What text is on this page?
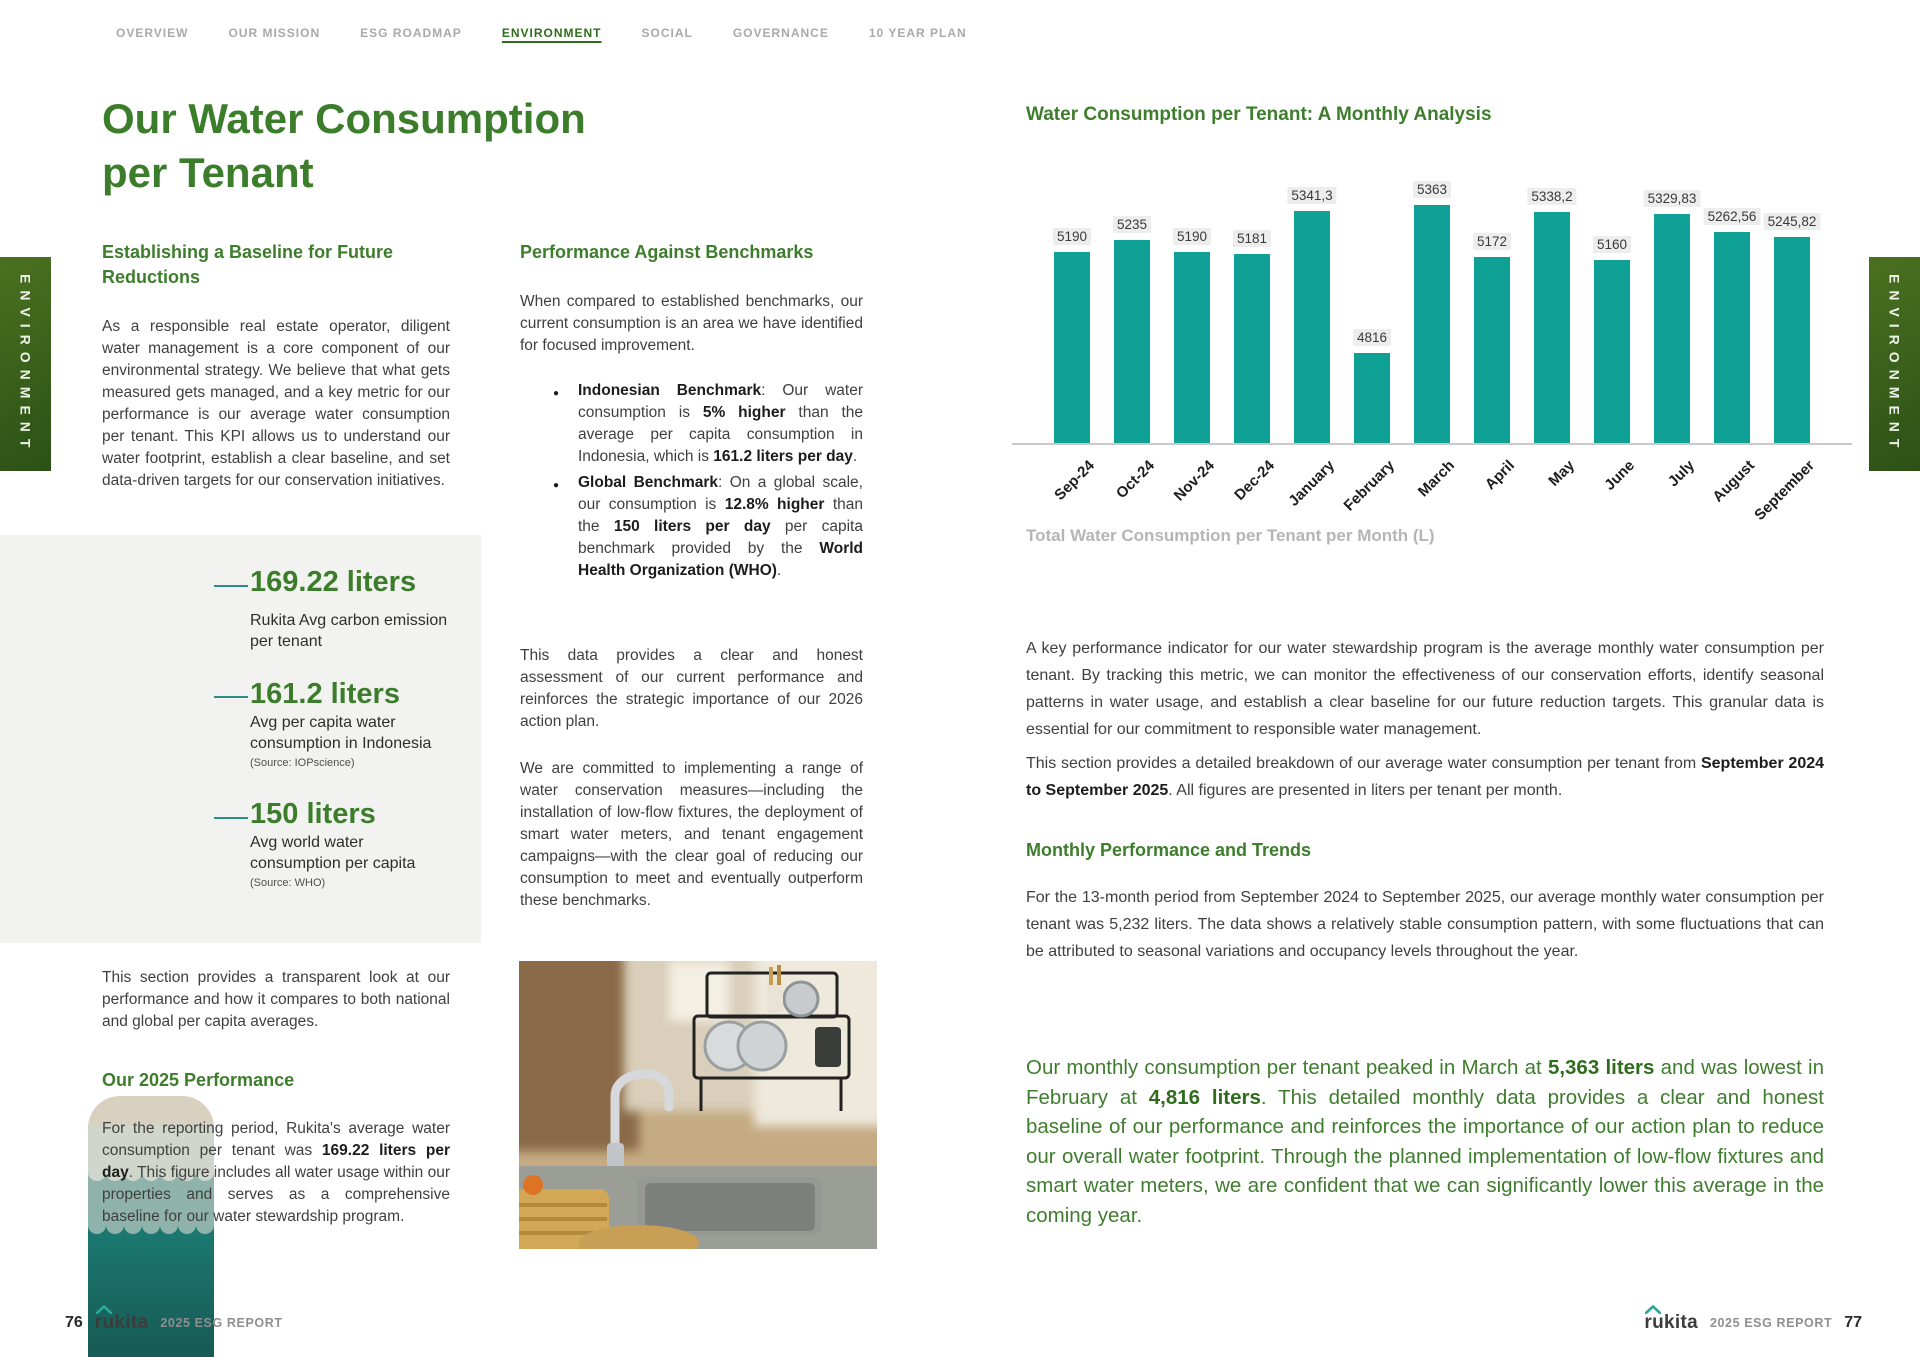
OVERVIEW	OUR MISSION	ESG ROADMAP	ENVIRONMENT	SOCIAL	GOVERNANCE	10 YEAR PLAN
ENVIRONMENT	ENVIRONMENT
Our Water Consumption
per Tenant
Establishing a Baseline for Future Reductions
As a responsible real estate operator, diligent water management is a core component of our environmental strategy. We believe that what gets measured gets managed, and a key metric for our performance is our average water consumption per tenant. This KPI allows us to understand our water footprint, establish a clear baseline, and set data-driven targets for our conservation initiatives.
169.22 liters
Rukita Avg carbon emission per tenant
161.2 liters
Avg per capita water consumption in Indonesia
(Source: IOPscience)
150 liters
Avg world water consumption per capita
(Source: WHO)
This section provides a transparent look at our performance and how it compares to both national and global per capita averages.
Our 2025 Performance
For the reporting period, Rukita's average water consumption per tenant was 169.22 liters per day. This figure includes all water usage within our properties and serves as a comprehensive baseline for our water stewardship program.
Performance Against Benchmarks
When compared to established benchmarks, our current consumption is an area we have identified for focused improvement.
● Indonesian Benchmark: Our water consumption is 5% higher than the average per capita consumption in Indonesia, which is 161.2 liters per day.
● Global Benchmark: On a global scale, our consumption is 12.8% higher than the 150 liters per day per capita benchmark provided by the World Health Organization (WHO).
This data provides a clear and honest assessment of our current performance and reinforces the strategic importance of our 2026 action plan.
We are committed to implementing a range of water conservation measures—including the installation of low-flow fixtures, the deployment of smart water meters, and tenant engagement campaigns—with the clear goal of reducing our consumption to meet and eventually outperform these benchmarks.
Water Consumption per Tenant: A Monthly Analysis
5190
Sep-24
5235
Oct-24
5190
Nov-24
5181
Dec-24
5341,3
January
4816
February
5363
March
5172
April
5338,2
May
5160
June
5329,83
July
5262,56
August
5245,82
September
Total Water Consumption per Tenant per Month (L)
A key performance indicator for our water stewardship program is the average monthly water consumption per tenant. By tracking this metric, we can monitor the effectiveness of our conservation efforts, identify seasonal patterns in water usage, and establish a clear baseline for our future reduction targets. This granular data is essential for our commitment to responsible water management.
This section provides a detailed breakdown of our average water consumption per tenant from September 2024 to September 2025. All figures are presented in liters per tenant per month.
Monthly Performance and Trends
For the 13-month period from September 2024 to September 2025, our average monthly water consumption per tenant was 5,232 liters. The data shows a relatively stable consumption pattern, with some fluctuations that can be attributed to seasonal variations and occupancy levels throughout the year.
Our monthly consumption per tenant peaked in March at 5,363 liters and was lowest in February at 4,816 liters. This detailed monthly data provides a clear and honest baseline of our performance and reinforces the importance of our action plan to reduce our overall water footprint. Through the planned implementation of low-flow fixtures and smart water meters, we are confident that we can significantly lower this average in the coming year.
76 rukita 2025 ESG REPORT	rukita 2025 ESG REPORT 77
